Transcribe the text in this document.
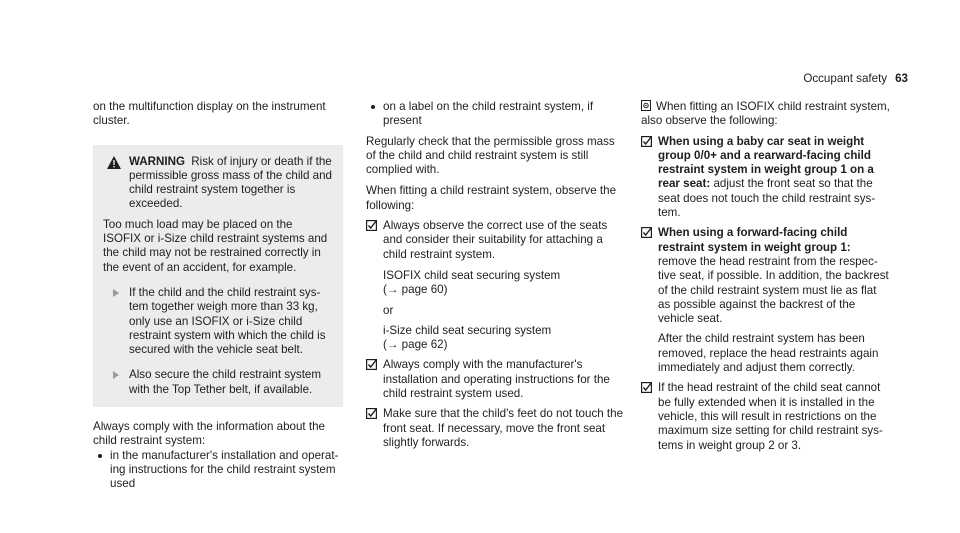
Occupant safety 63

on the multifunction display on the instrument cluster.

WARNING Risk of injury or death if the permissible gross mass of the child and child restraint system together is exceeded.

Too much load may be placed on the ISOFIX or i-Size child restraint systems and the child may not be restrained correctly in the event of an accident, for example.

If the child and the child restraint system together weigh more than 33 kg, only use an ISOFIX or i-Size child restraint system with which the child is secured with the vehicle seat belt.
Also secure the child restraint system with the Top Tether belt, if available.

Always comply with the information about the child restraint system:

in the manufacturer's installation and operating instructions for the child restraint system used
on a label on the child restraint system, if present

Regularly check that the permissible gross mass of the child and child restraint system is still complied with.

When fitting a child restraint system, observe the following:

Always observe the correct use of the seats and consider their suitability for attaching a child restraint system.

ISOFIX child seat securing system

(→ page 60)

or

i-Size child seat securing system

(→ page 62)

Always comply with the manufacturer's installation and operating instructions for the child restraint system used.

Make sure that the child's feet do not touch the front seat. If necessary, move the front seat slightly forwards.

When fitting an ISOFIX child restraint system, also observe the following:

When using a baby car seat in weight group 0/0+ and a rearward-facing child restraint system in weight group 1 on a rear seat: adjust the front seat so that the seat does not touch the child restraint system.

When using a forward-facing child restraint system in weight group 1:
remove the head restraint from the respective seat, if possible. In addition, the backrest of the child restraint system must lie as flat as possible against the backrest of the vehicle seat.

After the child restraint system has been removed, replace the head restraints again immediately and adjust them correctly.

If the head restraint of the child seat cannot be fully extended when it is installed in the vehicle, this will result in restrictions on the maximum size setting for child restraint systems in weight group 2 or 3.
